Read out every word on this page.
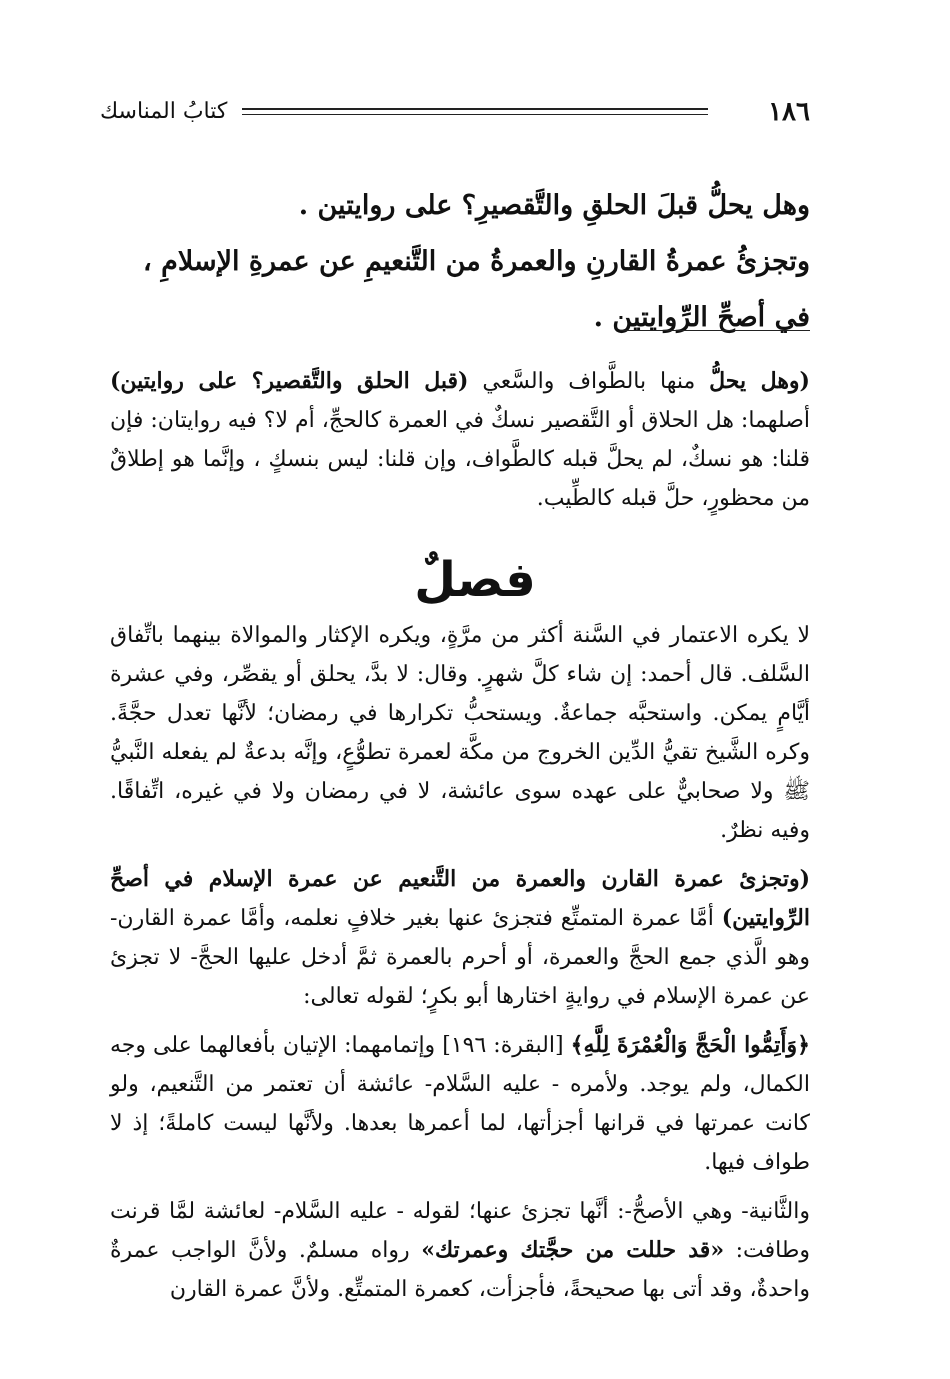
١٨٦
كتابُ المناسك

وهل يحلُّ قبلَ الحلقِ والتَّقصيرِ؟ على روايتين .

وتجزئُ عمرةُ القارنِ والعمرةُ من التَّنعيمِ عن عمرةِ الإسلامِ ، في أصحِّ الرِّوايتين .

(وهل يحلُّ منها بالطَّواف والسَّعي (قبل الحلق والتَّقصير؟ على روايتين) أصلهما: هل الحلاق أو التَّقصير نسكٌ في العمرة كالحجِّ، أم لا؟ فيه روايتان: فإن قلنا: هو نسكٌ، لم يحلَّ قبله كالطَّواف، وإن قلنا: ليس بنسكٍ ، وإنَّما هو إطلاقٌ من محظورٍ، حلَّ قبله كالطِّيب.

فصلٌ

لا يكره الاعتمار في السَّنة أكثر من مرَّةٍ، ويكره الإكثار والموالاة بينهما باتِّفاق السَّلف. قال أحمد: إن شاء كلَّ شهرٍ. وقال: لا بدَّ، يحلق أو يقصِّر، وفي عشرة أيَّامٍ يمكن. واستحبَّه جماعةٌ. ويستحبُّ تكرارها في رمضان؛ لأنَّها تعدل حجَّةً. وكره الشَّيخ تقيُّ الدِّين الخروج من مكَّة لعمرة تطوُّعٍ، وإنَّه بدعةٌ لم يفعله النَّبيُّ ﷺ ولا صحابيٌّ على عهده سوى عائشة، لا في رمضان ولا في غيره، اتِّفاقًا. وفيه نظرٌ.

(وتجزئ عمرة القارن والعمرة من التَّنعيم عن عمرة الإسلام في أصحِّ الرِّوايتين) أمَّا عمرة المتمتِّع فتجزئ عنها بغير خلافٍ نعلمه، وأمَّا عمرة القارن- وهو الَّذي جمع الحجَّ والعمرة، أو أحرم بالعمرة ثمَّ أدخل عليها الحجَّ- لا تجزئ عن عمرة الإسلام في روايةٍ اختارها أبو بكرٍ؛ لقوله تعالى:

﴿وَأَتِمُّوا الْحَجَّ وَالْعُمْرَةَ لِلَّهِ﴾ [البقرة: ١٩٦] وإتمامهما: الإتيان بأفعالهما على وجه الكمال، ولم يوجد. ولأمره - عليه السَّلام- عائشة أن تعتمر من التَّنعيم، ولو كانت عمرتها في قرانها أجزأتها، لما أعمرها بعدها. ولأنَّها ليست كاملةً؛ إذ لا طواف فيها.

والثَّانية- وهي الأصحُّ-: أنَّها تجزئ عنها؛ لقوله - عليه السَّلام- لعائشة لمَّا قرنت وطافت: «قد حللت من حجَّتك وعمرتك» رواه مسلمٌ. ولأنَّ الواجب عمرةٌ واحدةٌ، وقد أتى بها صحيحةً، فأجزأت، كعمرة المتمتِّع. ولأنَّ عمرة القارن
